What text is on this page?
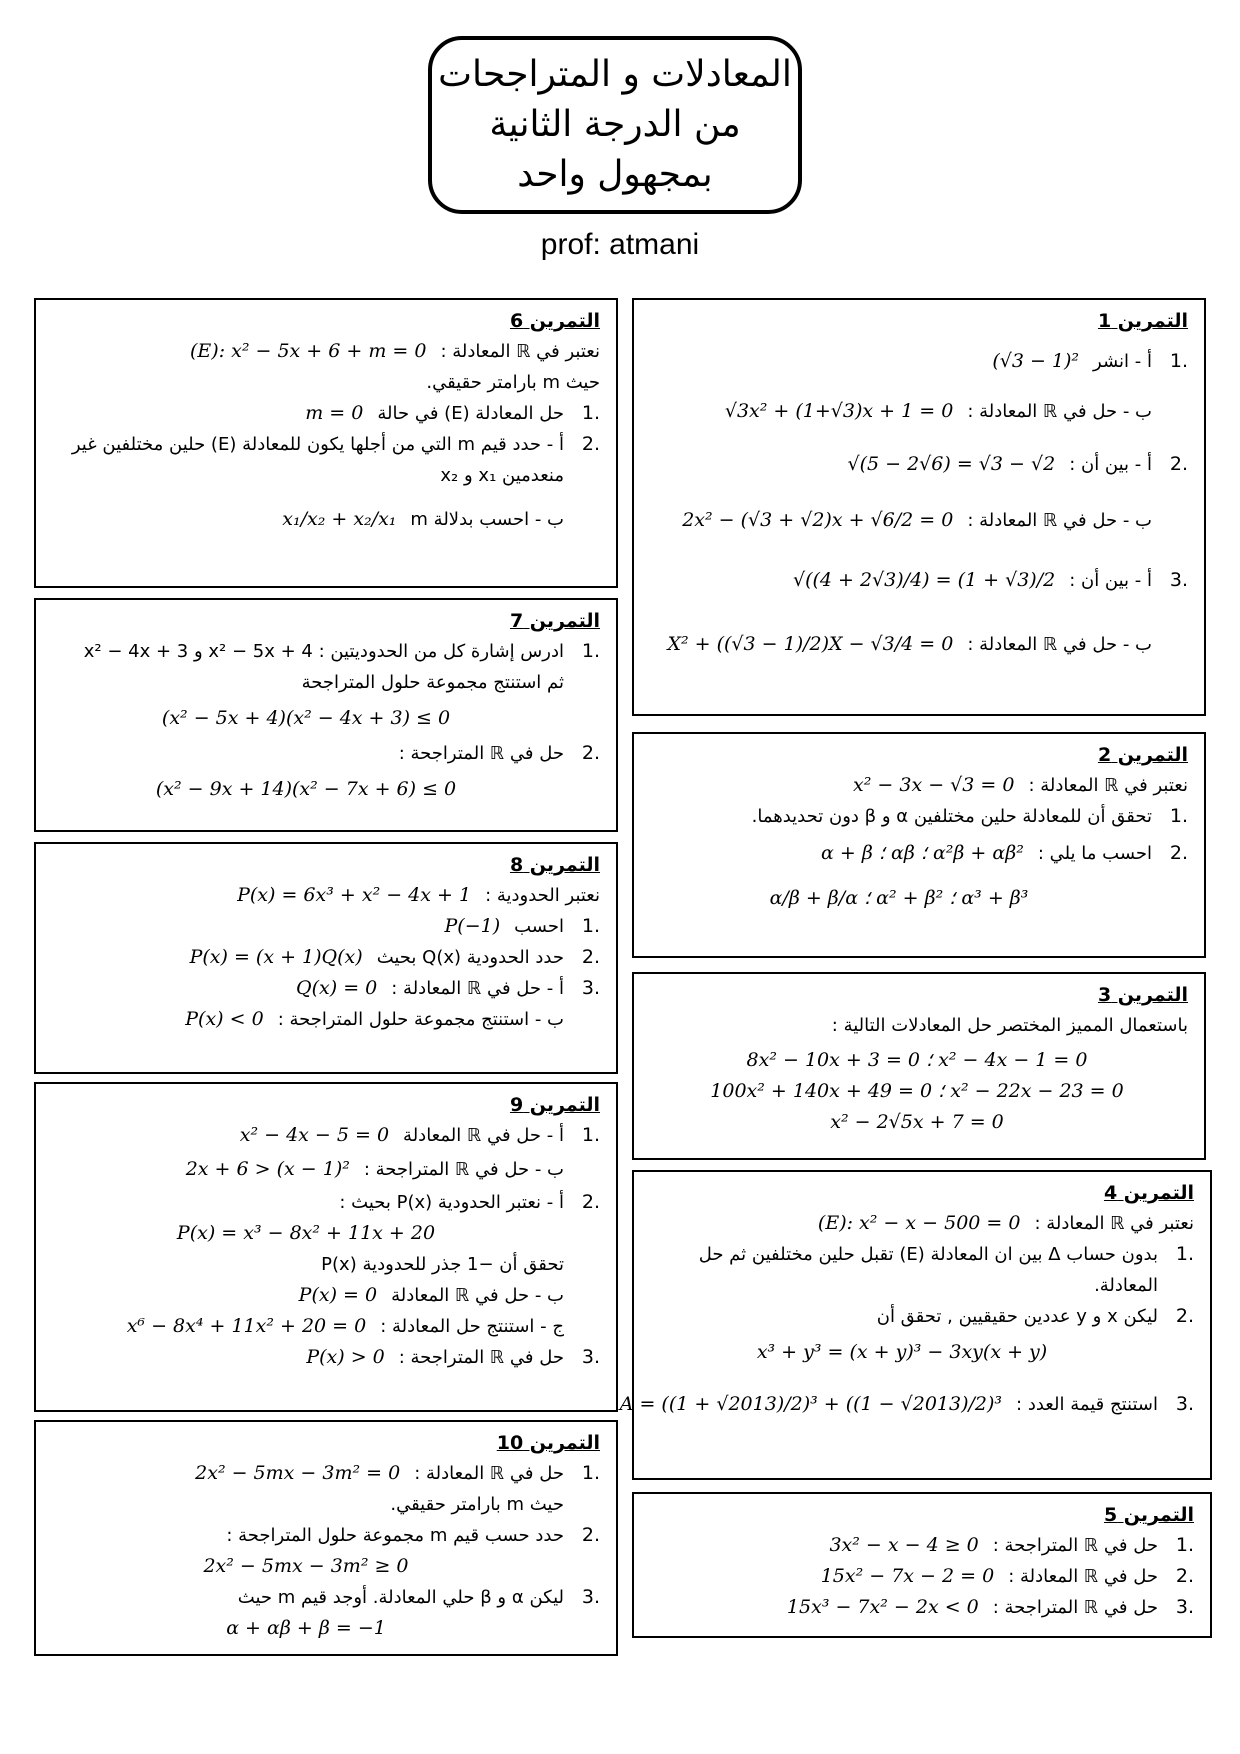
المعادلات و المتراجحات
من الدرجة الثانية
بمجهول واحد
prof: atmani
التمرين 1
.1
أ - انشر
(√3 − 1)²
ب - حل في ℝ المعادلة :
√3x² + (1+√3)x + 1 = 0
.2
أ - بين أن :
√(5 − 2√6) = √3 − √2
ب - حل في ℝ المعادلة :
2x² − (√3 + √2)x + √6/2 = 0
.3
أ - بين أن :
√((4 + 2√3)/4) = (1 + √3)/2
ب - حل في ℝ المعادلة :
X² + ((√3 − 1)/2)X − √3/4 = 0
التمرين 2
نعتبر في ℝ المعادلة :
x² − 3x − √3 = 0
.1
تحقق أن للمعادلة حلين مختلفين α و β دون تحديدهما.
.2
احسب ما يلي :
α + β ؛ αβ ؛ α²β + αβ²
α/β + β/α ؛ α² + β² ؛ α³ + β³
التمرين 3
باستعمال المميز المختصر حل المعادلات التالية :
8x² − 10x + 3 = 0 ؛ x² − 4x − 1 = 0
100x² + 140x + 49 = 0 ؛ x² − 22x − 23 = 0
x² − 2√5x + 7 = 0
التمرين 4
نعتبر في ℝ المعادلة :
(E): x² − x − 500 = 0
.1
بدون حساب Δ بين ان المعادلة (E) تقبل حلين مختلفين ثم حل المعادلة.
.2
ليكن x و y عددين حقيقيين , تحقق أن
x³ + y³ = (x + y)³ − 3xy(x + y)
.3
استنتج قيمة العدد :
A = ((1 + √2013)/2)³ + ((1 − √2013)/2)³
التمرين 5
.1
حل في ℝ المتراجحة :
3x² − x − 4 ≥ 0
.2
حل في ℝ المعادلة :
15x² − 7x − 2 = 0
.3
حل في ℝ المتراجحة :
15x³ − 7x² − 2x < 0
التمرين 6
نعتبر في ℝ المعادلة :
(E): x² − 5x + 6 + m = 0
حيث m بارامتر حقيقي.
.1
حل المعادلة (E) في حالة
m = 0
.2
أ - حدد قيم m التي من أجلها يكون للمعادلة (E) حلين مختلفين غير منعدمين x₁ و x₂
ب - احسب بدلالة m
x₁/x₂ + x₂/x₁
التمرين 7
.1
ادرس إشارة كل من الحدوديتين : x² − 5x + 4 و x² − 4x + 3
ثم استنتج مجموعة حلول المتراجحة
(x² − 5x + 4)(x² − 4x + 3) ≤ 0
.2
حل في ℝ المتراجحة :
(x² − 9x + 14)(x² − 7x + 6) ≤ 0
التمرين 8
نعتبر الحدودية :
P(x) = 6x³ + x² − 4x + 1
.1
احسب
P(−1)
.2
حدد الحدودية Q(x) بحيث
P(x) = (x + 1)Q(x)
.3
أ - حل في ℝ المعادلة :
Q(x) = 0
ب - استنتج مجموعة حلول المتراجحة :
P(x) < 0
التمرين 9
.1
أ - حل في ℝ المعادلة
x² − 4x − 5 = 0
ب - حل في ℝ المتراجحة :
2x + 6 > (x − 1)²
.2
أ - نعتبر الحدودية P(x) بحيث :
P(x) = x³ − 8x² + 11x + 20
تحقق أن −1 جذر للحدودية P(x)
ب - حل في ℝ المعادلة
P(x) = 0
ج - استنتج حل المعادلة :
x⁶ − 8x⁴ + 11x² + 20 = 0
.3
حل في ℝ المتراجحة :
P(x) > 0
التمرين 10
.1
حل في ℝ المعادلة :
2x² − 5mx − 3m² = 0
حيث m بارامتر حقيقي.
.2
حدد حسب قيم m مجموعة حلول المتراجحة :
2x² − 5mx − 3m² ≥ 0
.3
ليكن α و β حلي المعادلة. أوجد قيم m حيث
α + αβ + β = −1
